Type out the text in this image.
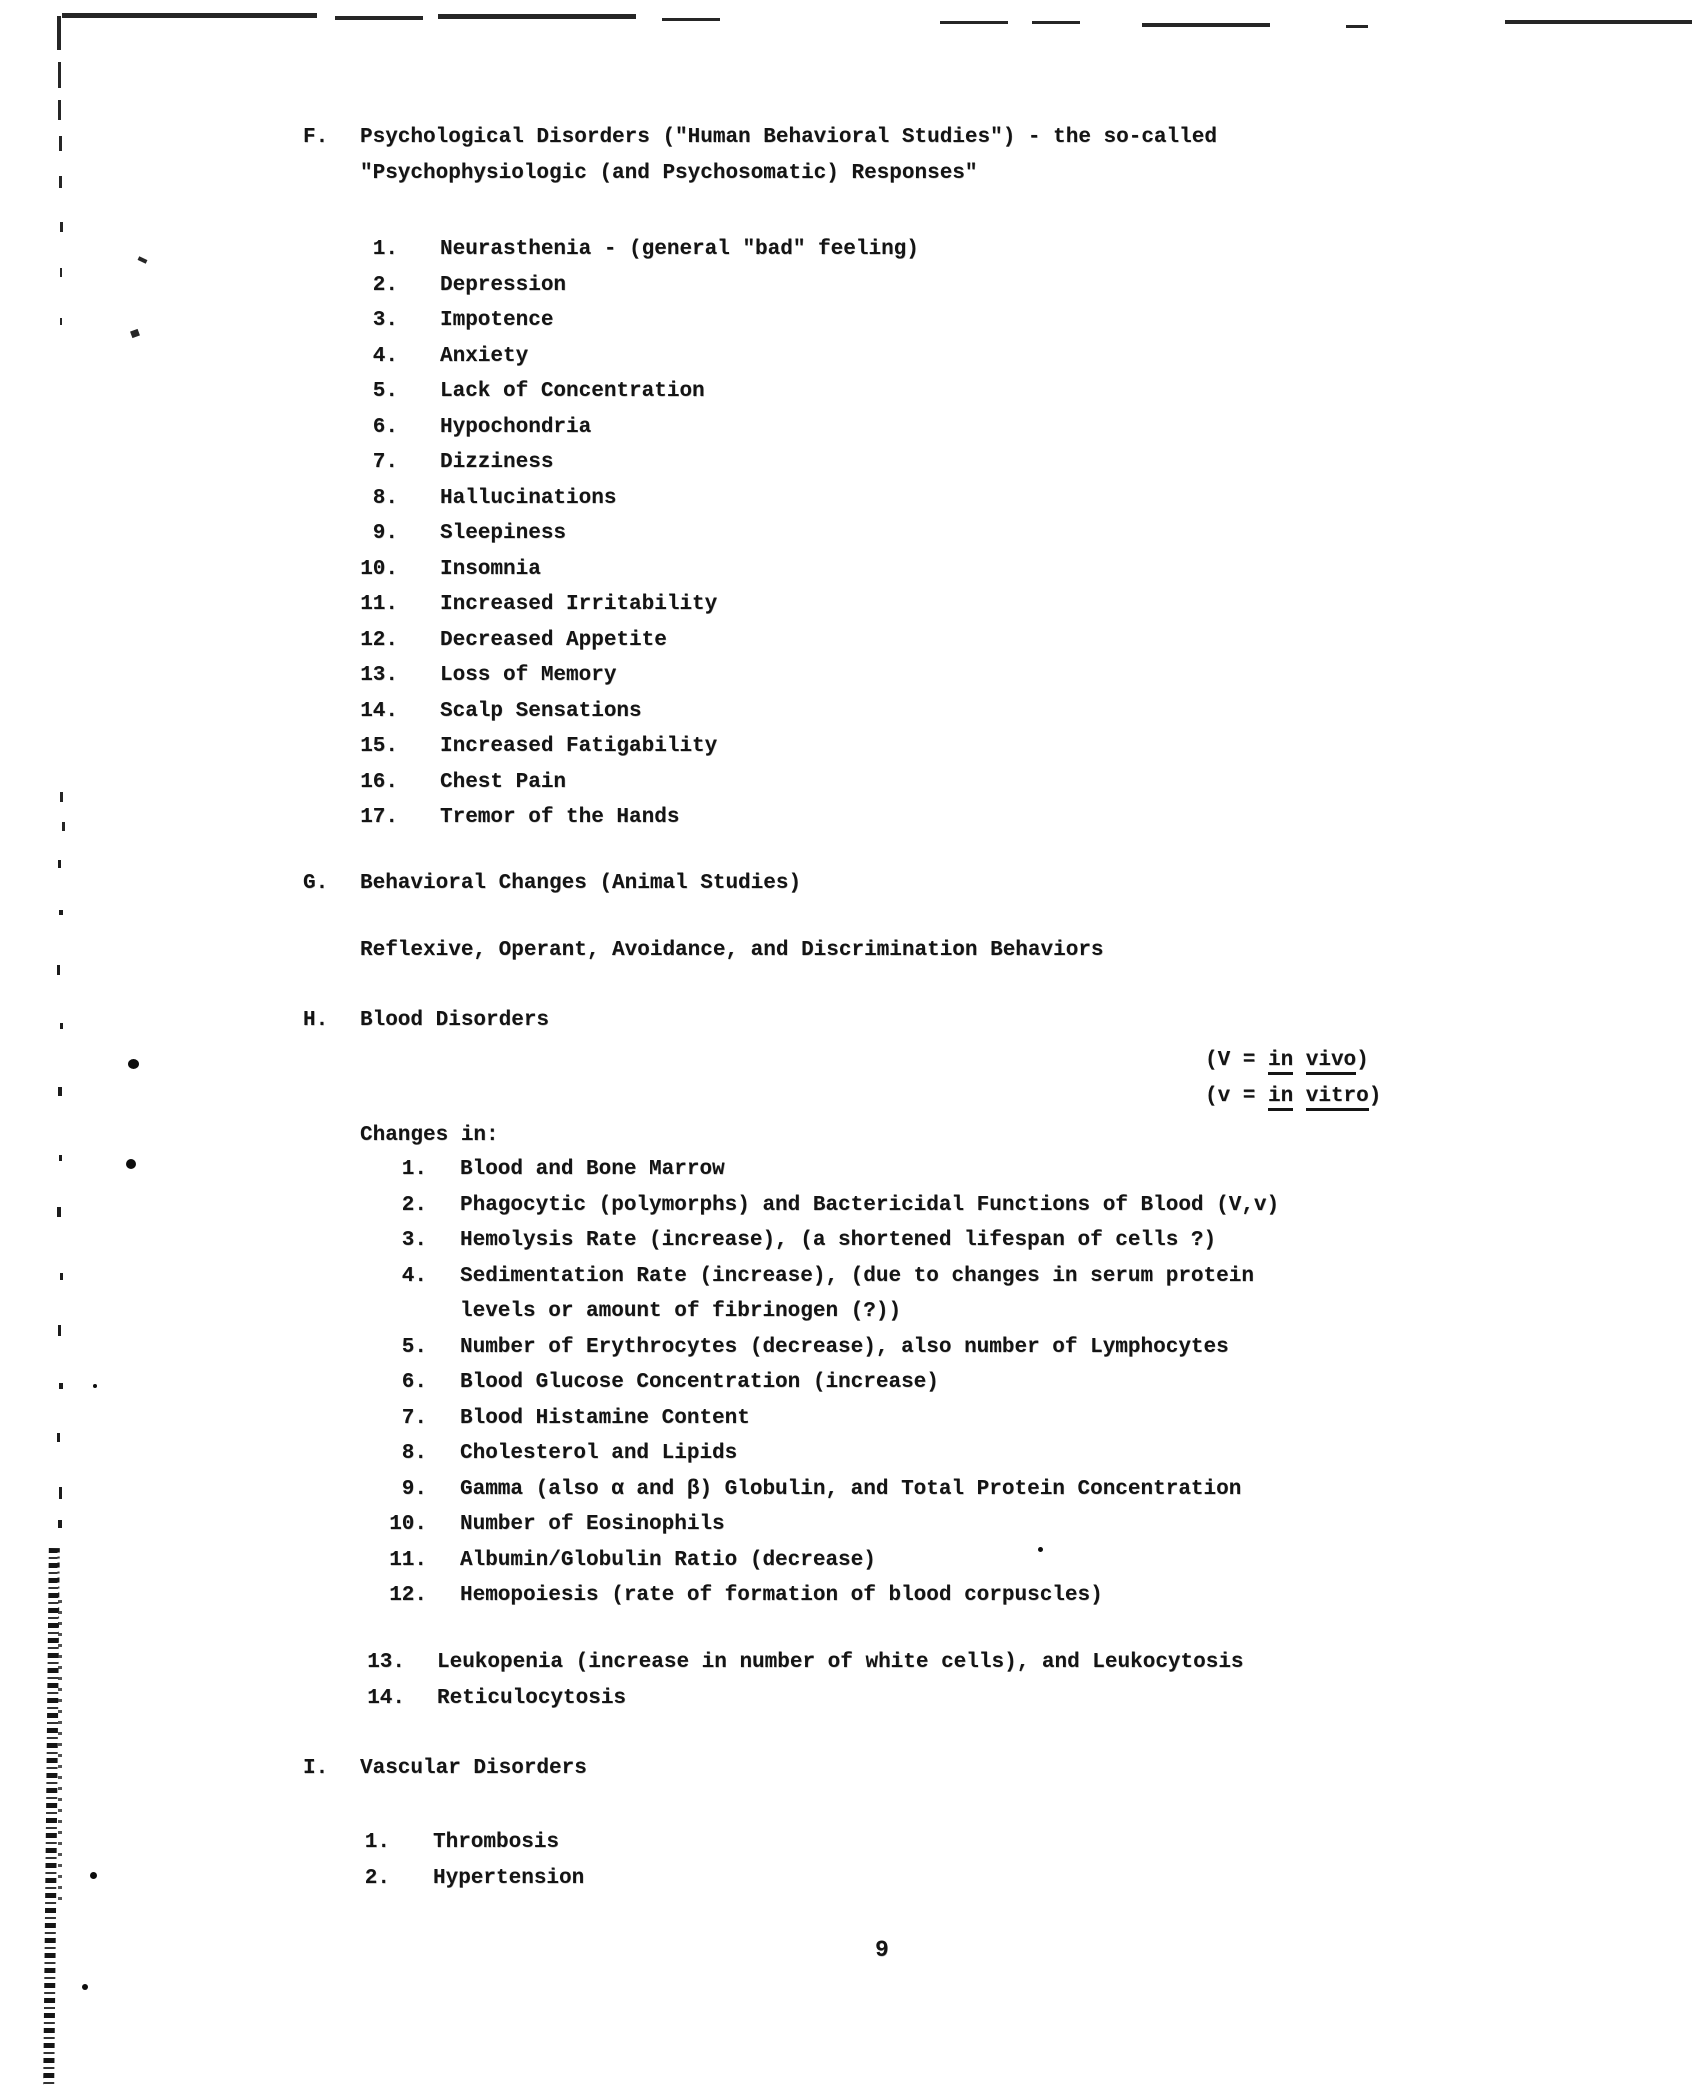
F. Psychological Disorders ("Human Behavioral Studies") - the so-called
"Psychophysiologic (and Psychosomatic) Responses"
1. Neurasthenia - (general "bad" feeling)
2. Depression
3. Impotence
4. Anxiety
5. Lack of Concentration
6. Hypochondria
7. Dizziness
8. Hallucinations
9. Sleepiness
10. Insomnia
11. Increased Irritability
12. Decreased Appetite
13. Loss of Memory
14. Scalp Sensations
15. Increased Fatigability
16. Chest Pain
17. Tremor of the Hands
G. Behavioral Changes (Animal Studies)
Reflexive, Operant, Avoidance, and Discrimination Behaviors
H. Blood Disorders
(V = in vivo)
(v = in vitro)
Changes in:
1. Blood and Bone Marrow
2. Phagocytic (polymorphs) and Bactericidal Functions of Blood (V,v)
3. Hemolysis Rate (increase), (a shortened lifespan of cells ?)
4. Sedimentation Rate (increase), (due to changes in serum protein
levels or amount of fibrinogen (?))
5. Number of Erythrocytes (decrease), also number of Lymphocytes
6. Blood Glucose Concentration (increase)
7. Blood Histamine Content
8. Cholesterol and Lipids
9. Gamma (also α and β) Globulin, and Total Protein Concentration
10. Number of Eosinophils
11. Albumin/Globulin Ratio (decrease)
12. Hemopoiesis (rate of formation of blood corpuscles)
13. Leukopenia (increase in number of white cells), and Leukocytosis
14. Reticulocytosis
I. Vascular Disorders
1. Thrombosis
2. Hypertension
9
